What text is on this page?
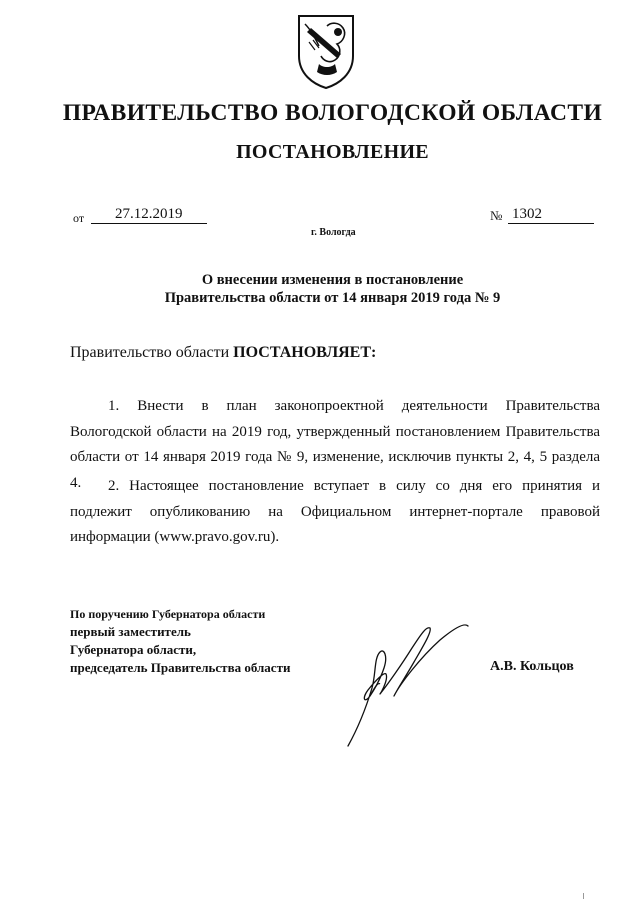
ПРАВИТЕЛЬСТВО ВОЛОГОДСКОЙ ОБЛАСТИ
ПОСТАНОВЛЕНИЕ
от	27.12.2019	№ 1302
г. Вологда
О внесении изменения в постановление
Правительства области от 14 января 2019 года № 9
Правительство области ПОСТАНОВЛЯЕТ:
1. Внести в план законопроектной деятельности Правительства Вологодской области на 2019 год, утвержденный постановлением Правительства области от 14 января 2019 года № 9, изменение, исключив пункты 2, 4, 5 раздела 4.	2. Настоящее постановление вступает в силу со дня его принятия и подлежит опубликованию на Официальном интернет-портале правовой информации (www.pravo.gov.ru).
По поручению Губернатора области
первый заместитель
Губернатора области,
председатель Правительства области	А.В. Кольцов
